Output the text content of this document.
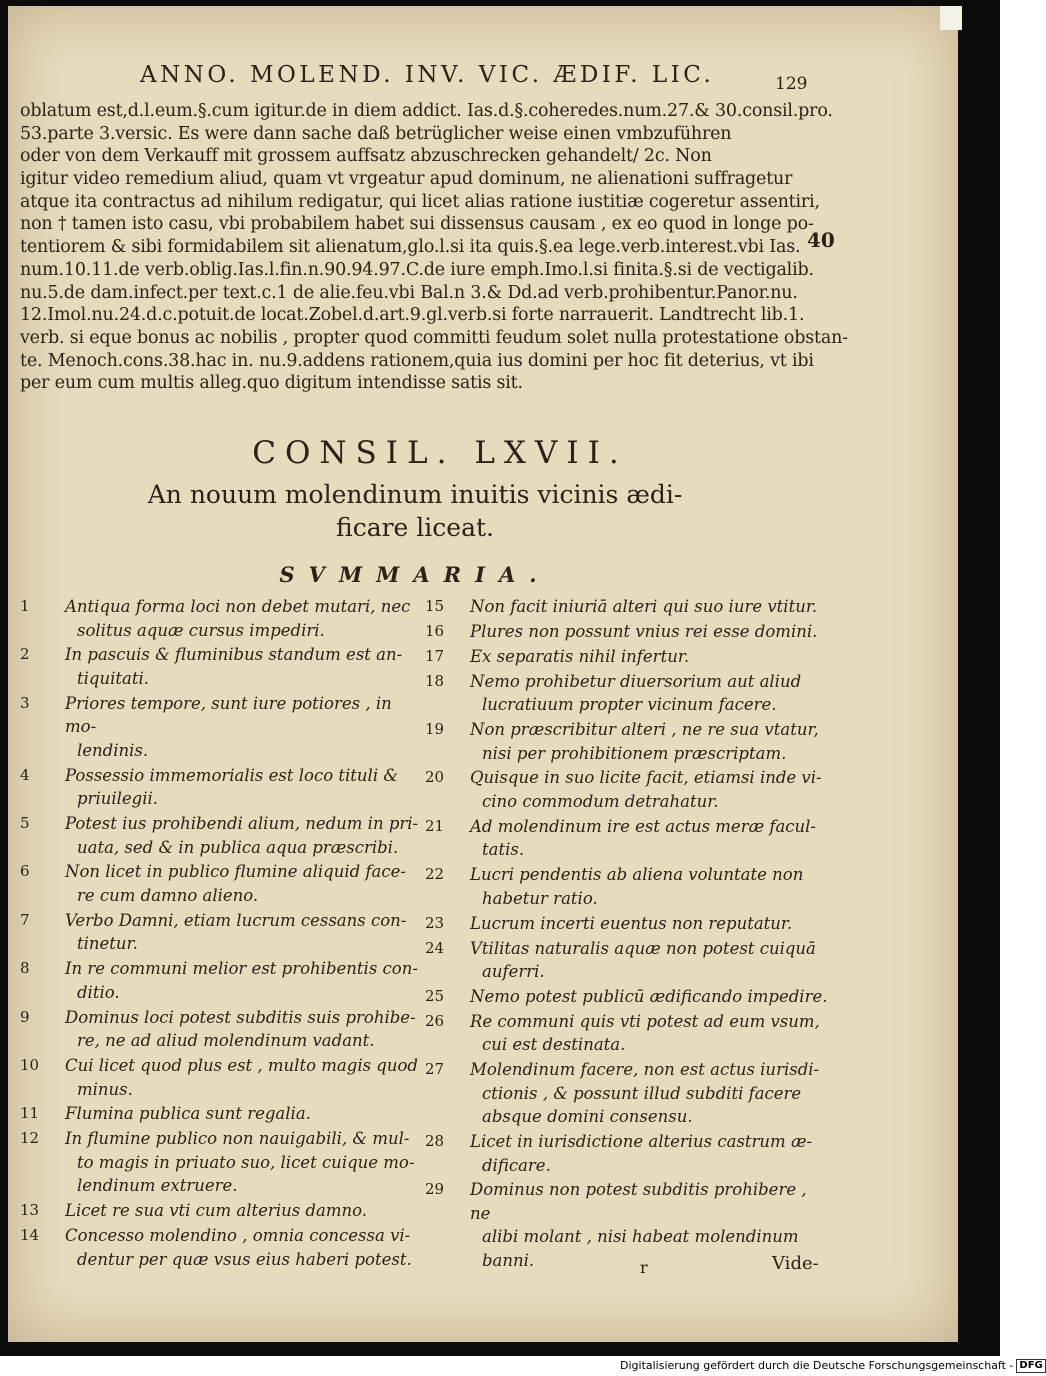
ANNO. MOLEND. INV. VIC. ÆDIF. LIC.	129
oblatum est,d.l.eum.§.cum igitur.de in diem addict. Ias.d.§.coheredes.num.27.& 30.consil.pro.
53.parte 3.versic. Es were dann sache daß betrüglicher weise einen vmbzuführen
oder von dem Verkauff mit grossem auffsatz abzuschrecken gehandelt/ 2c. Non
igitur video remedium aliud, quam vt vrgeatur apud dominum, ne alienationi suffragetur
atque ita contractus ad nihilum redigatur, qui licet alias ratione iustitiæ cogeretur assentiri,
non † tamen isto casu, vbi probabilem habet sui dissensus causam , ex eo quod in longe po-
tentiorem & sibi formidabilem sit alienatum,glo.l.si ita quis.§.ea lege.verb.interest.vbi Ias.
num.10.11.de verb.oblig.Ias.l.fin.n.90.94.97.C.de iure emph.Imo.l.si finita.§.si de vectigalib.
nu.5.de dam.infect.per text.c.1 de alie.feu.vbi Bal.n 3.& Dd.ad verb.prohibentur.Panor.nu.
12.Imol.nu.24.d.c.potuit.de locat.Zobel.d.art.9.gl.verb.si forte narrauerit. Landtrecht lib.1.
verb. si eque bonus ac nobilis , propter quod committi feudum solet nulla protestatione obstan-
te. Menoch.cons.38.hac in. nu.9.addens rationem,quia ius domini per hoc fit deterius, vt ibi
per eum cum multis alleg.quo digitum intendisse satis sit.
40
CONSIL. LXVII.
An nouum molendinum inuitis vicinis ædi-
ficare liceat.
SVMMARIA.
1	Antiqua forma loci non debet mutari, nec
solitus aquæ cursus impediri.
2	In pascuis & fluminibus standum est an-
tiquitati.
3	Priores tempore, sunt iure potiores , in mo-
lendinis.
4	Possessio immemorialis est loco tituli &
priuilegii.
5	Potest ius prohibendi alium, nedum in pri-
uata, sed & in publica aqua præscribi.
6	Non licet in publico flumine aliquid face-
re cum damno alieno.
7	Verbo Damni, etiam lucrum cessans con-
tinetur.
8	In re communi melior est prohibentis con-
ditio.
9	Dominus loci potest subditis suis prohibe-
re, ne ad aliud molendinum vadant.
10	Cui licet quod plus est , multo magis quod
minus.
11	Flumina publica sunt regalia.
12	In flumine publico non nauigabili, & mul-
to magis in priuato suo, licet cuique mo-
lendinum extruere.
13	Licet re sua vti cum alterius damno.
14	Concesso molendino , omnia concessa vi-
dentur per quæ vsus eius haberi potest.
15	Non facit iniuriā alteri qui suo iure vtitur.
16	Plures non possunt vnius rei esse domini.
17	Ex separatis nihil infertur.
18	Nemo prohibetur diuersorium aut aliud
lucratiuum propter vicinum facere.
19	Non præscribitur alteri , ne re sua vtatur,
nisi per prohibitionem præscriptam.
20	Quisque in suo licite facit, etiamsi inde vi-
cino commodum detrahatur.
21	Ad molendinum ire est actus meræ facul-
tatis.
22	Lucri pendentis ab aliena voluntate non
habetur ratio.
23	Lucrum incerti euentus non reputatur.
24	Vtilitas naturalis aquæ non potest cuiquā
auferri.
25	Nemo potest publicū ædificando impedire.
26	Re communi quis vti potest ad eum vsum,
cui est destinata.
27	Molendinum facere, non est actus iurisdi-
ctionis , & possunt illud subditi facere
absque domini consensu.
28	Licet in iurisdictione alterius castrum æ-
dificare.
29	Dominus non potest subditis prohibere , ne
alibi molant , nisi habeat molendinum
banni.	r	Vide-
Digitalisierung gefördert durch die Deutsche Forschungsgemeinschaft - DFG
